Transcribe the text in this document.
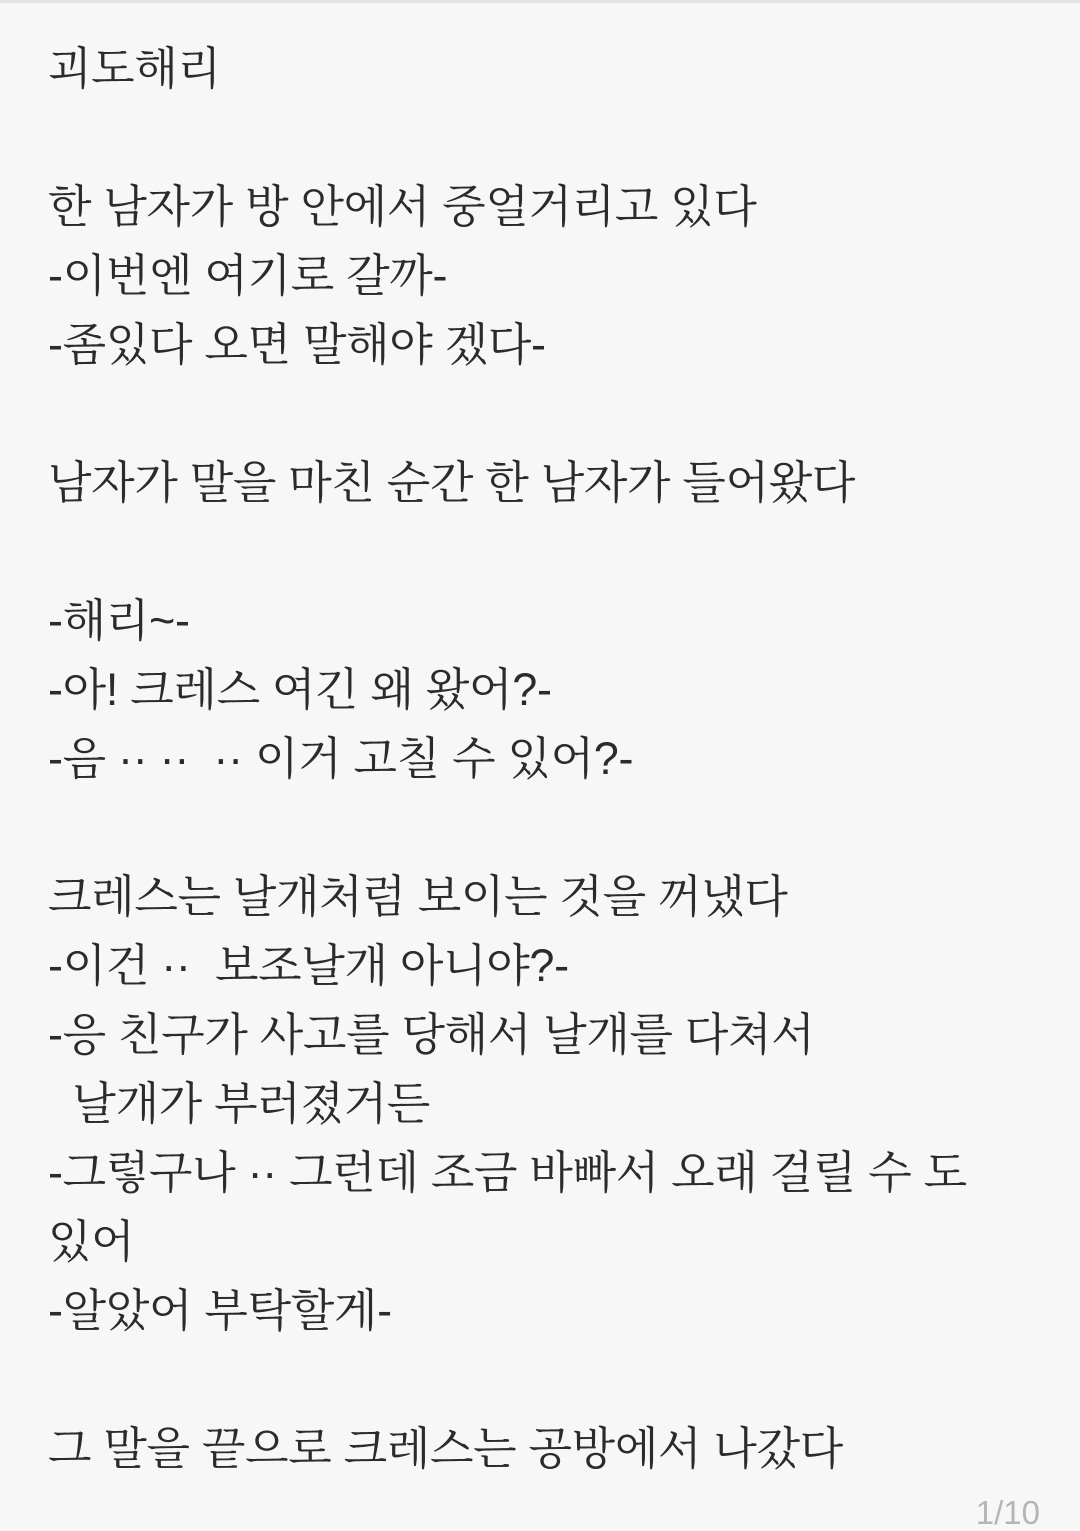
괴도해리
한 남자가 방 안에서 중얼거리고 있다
-이번엔 여기로 갈까-
-좀있다 오면 말해야 겠다-
남자가 말을 마친 순간 한 남자가 들어왔다
-해리~-
-아! 크레스 여긴 왜 왔어?-
-음 ·· ··  ·· 이거 고칠 수 있어?-
크레스는 날개처럼 보이는 것을 꺼냈다
-이건 ··  보조날개 아니야?-
-응 친구가 사고를 당해서 날개를 다쳐서
날개가 부러졌거든
-그렇구나 ·· 그런데 조금 바빠서 오래 걸릴 수 도
있어
-알았어 부탁할게-
그 말을 끝으로 크레스는 공방에서 나갔다
1/10
